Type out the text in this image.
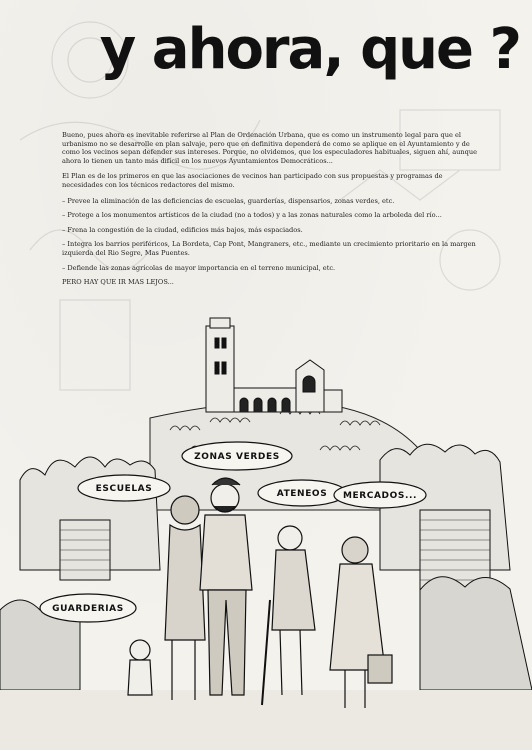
y ahora, que ?

Bueno, pues ahora es inevitable referirse al Plan de Ordenación Urbana, que es como un instrumento legal para que el urbanismo no se desarrolle en plan salvaje, pero que en definitiva dependerá de como se aplique en el Ayuntamiento y de como los vecinos sepan defender sus intereses. Porque, no olvidemos, que los especuladores habituales, siguen ahí, aunque ahora lo tienen un tanto más difícil en los nuevos Ayuntamientos Democráticos...

El Plan es de los primeros en que las asociaciones de vecinos han participado con sus propuestas y programas de necesidades con los técnicos redactores del mismo.

– Prevee la eliminación de las deficiencias de escuelas, guarderías, dispensarios, zonas verdes, etc.
– Protege a los monumentos artísticos de la ciudad (no a todos) y a las zonas naturales como la arboleda del río...
– Frena la congestión de la ciudad, edificios más bajos, más espaciados.
– Integra los barrios periféricos, La Bordeta, Cap Pont, Mangraners, etc., mediante un crecimiento prioritario en la margen izquierda del Rio Segre, Mas Puentes.
– Defiende las zonas agrícolas de mayor importancia en el terreno municipal, etc.

PERO HAY QUE IR MAS LEJOS...

ZONAS VERDES
ESCUELAS	ATENEOS MERCADOS...
GUARDERIAS
